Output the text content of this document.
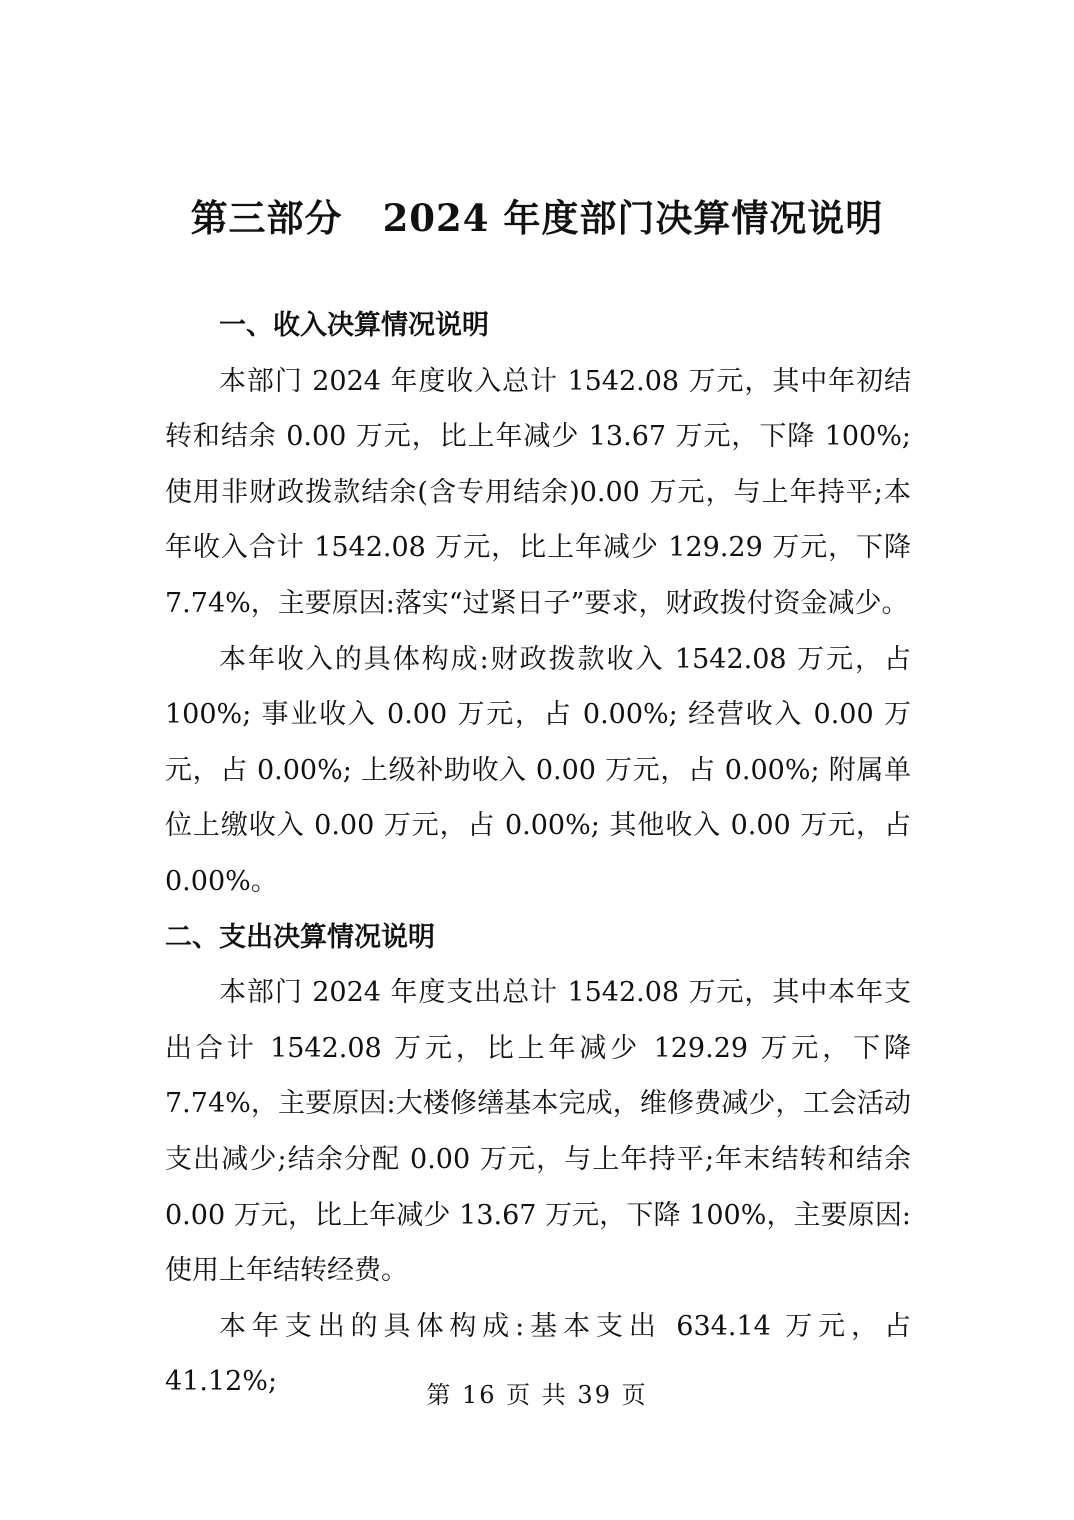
第三部分 2024 年度部门决算情况说明
一、收入决算情况说明

本部门 2024 年度收入总计 1542.08 万元，其中年初结转和结余 0.00 万元，比上年减少 13.67 万元，下降 100%;使用非财政拨款结余(含专用结余)0.00 万元，与上年持平;本年收入合计 1542.08 万元，比上年减少 129.29 万元，下降 7.74%，主要原因:落实“过紧日子”要求，财政拨付资金减少。

本年收入的具体构成:财政拨款收入 1542.08 万元，占 100%; 事业收入 0.00 万元，占 0.00%; 经营收入 0.00 万元，占 0.00%; 上级补助收入 0.00 万元，占 0.00%; 附属单位上缴收入 0.00 万元，占 0.00%; 其他收入 0.00 万元，占 0.00%。

二、支出决算情况说明

本部门 2024 年度支出总计 1542.08 万元，其中本年支出合计 1542.08 万元，比上年减少 129.29 万元，下降 7.74%，主要原因:大楼修缮基本完成，维修费减少，工会活动支出减少;结余分配 0.00 万元，与上年持平;年末结转和结余 0.00 万元，比上年减少 13.67 万元，下降 100%，主要原因:使用上年结转经费。

本年支出的具体构成:基本支出 634.14 万元，占 41.12%;	第 16 页 共 39 页
